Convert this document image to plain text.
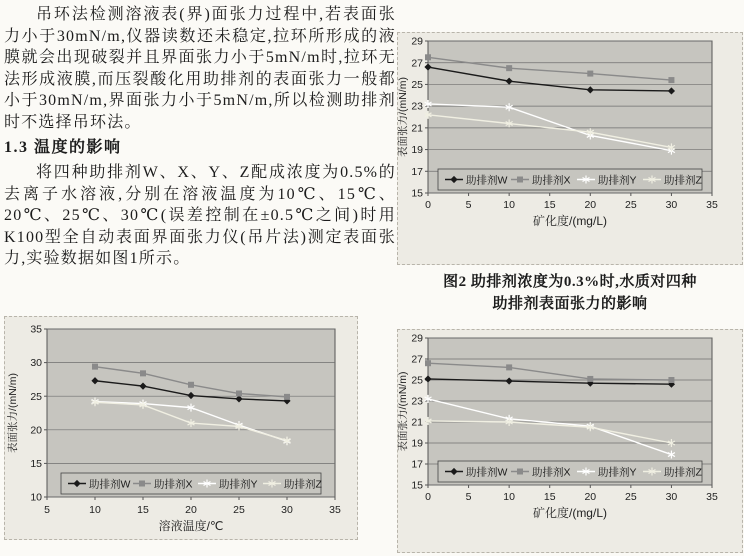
吊环法检测溶液表(界)面张力过程中,若表面张力小于30mN/m,仪器读数还未稳定,拉环所形成的液膜就会出现破裂并且界面张力小于5mN/m时,拉环无法形成液膜,而压裂酸化用助排剂的表面张力一般都小于30mN/m,界面张力小于5mN/m,所以检测助排剂时不选择吊环法。

1.3 温度的影响

将四种助排剂W、X、Y、Z配成浓度为0.5%的去离子水溶液,分别在溶液温度为10℃、15℃、20℃、25℃、30℃(误差控制在±0.5℃之间)时用K100型全自动表面界面张力仪(吊片法)测定表面张力,实验数据如图1所示。

10
15
20
25
30
35
5	10	15	20	25	30	35
助排剂W 助排剂X	助排剂Y	助排剂Z
表面张力/(mN/m)
溶液温度/℃
15
17
19
21
23
25
27
29
0	5	10	15	20	25	30	35
助排剂W 助排剂X	助排剂Y	助排剂Z
表面张力/(mN/m)
矿化度/(mg/L)
图2 助排剂浓度为0.3%时,水质对四种
助排剂表面张力的影响
15
17
19
21
23
25
27
29
0	5	10	15	20	25	30	35
助排剂W 助排剂X	助排剂Y	助排剂Z
表面张力/(mN/m)
矿化度/(mg/L)
